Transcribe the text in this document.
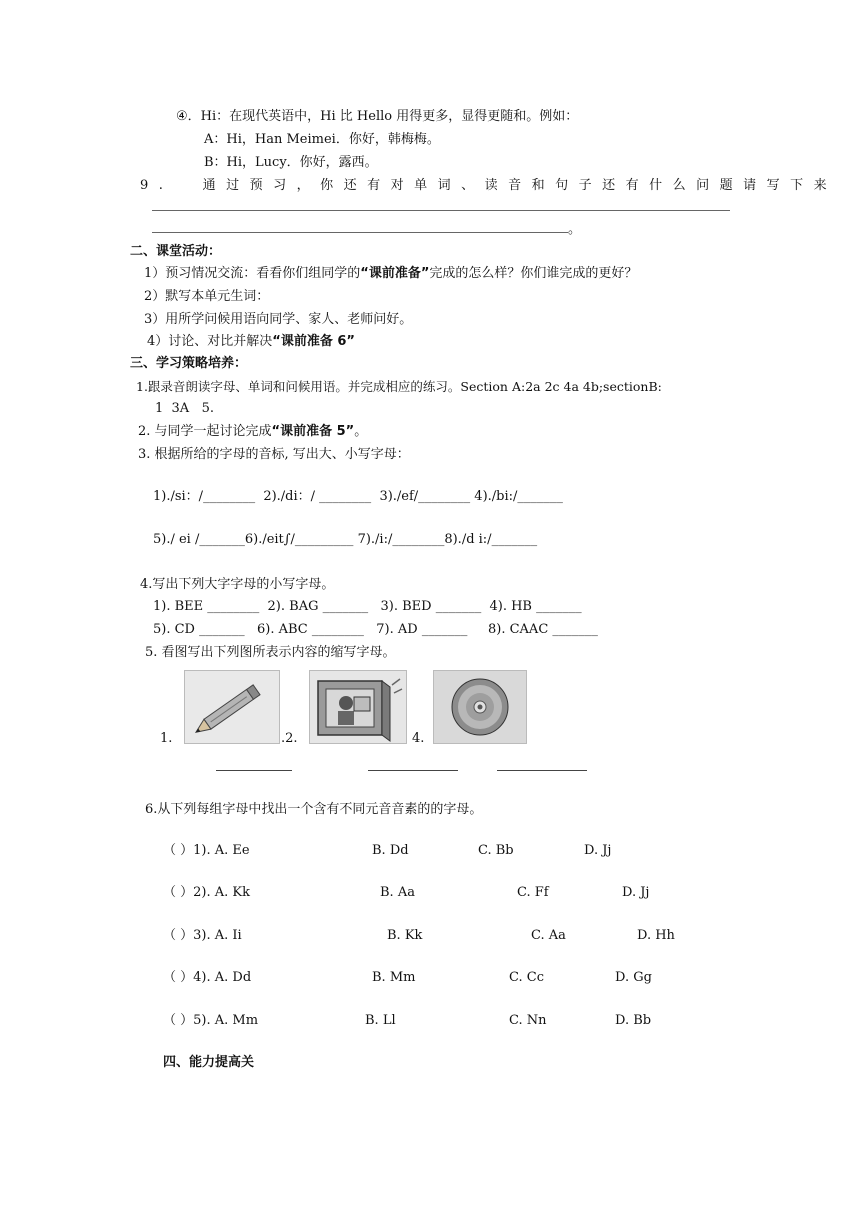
④．Hi：在现代英语中，Hi 比 Hello 用得更多，显得更随和。例如：
A：Hi，Han Meimei．你好，韩梅梅。
B：Hi，Lucy．你好，露西。
9.  通过预习，你还有对单词、读音和句子还有什么问题请写下来
。
二、课堂活动：
1）预习情况交流：看看你们组同学的“课前准备”完成的怎么样？你们谁完成的更好？
2）默写本单元生词：
3）用所学问候用语向同学、家人、老师问好。
4）讨论、对比并解决“课前准备 6”
三、学习策略培养：
1.跟录音朗读字母、单词和问候用语。并完成相应的练习。Section A:2a 2c 4a 4b;sectionB:
1  3A   5.
2. 与同学一起讨论完成“课前准备 5”。
3. 根据所给的字母的音标, 写出大、小写字母：
1)./si：/________  2)./di：/ ________  3)./ef/________ 4)./bi:/_______
5)./ ei /_______6)./eit∫/_________ 7)./i:/________8)./d i:/_______
4.写出下列大字字母的小写字母。
1). BEE ________  2). BAG _______   3). BED _______  4). HB _______
5). CD _______   6). ABC ________   7). AD _______     8). CAAC _______
5. 看图写出下列图所表示内容的缩写字母。
1.	.2.	4.
6.从下列每组字母中找出一个含有不同元音音素的的字母。
（ ）1). A. Ee	B. Dd	C. Bb	D. Jj
（ ）2). A. Kk	B. Aa	C. Ff	D. Jj
（ ）3). A. Ii	B. Kk	C. Aa	D. Hh
（ ）4). A. Dd	B. Mm	C. Cc	D. Gg
（ ）5). A. Mm	B. Ll	C. Nn	D. Bb
四、能力提高关
